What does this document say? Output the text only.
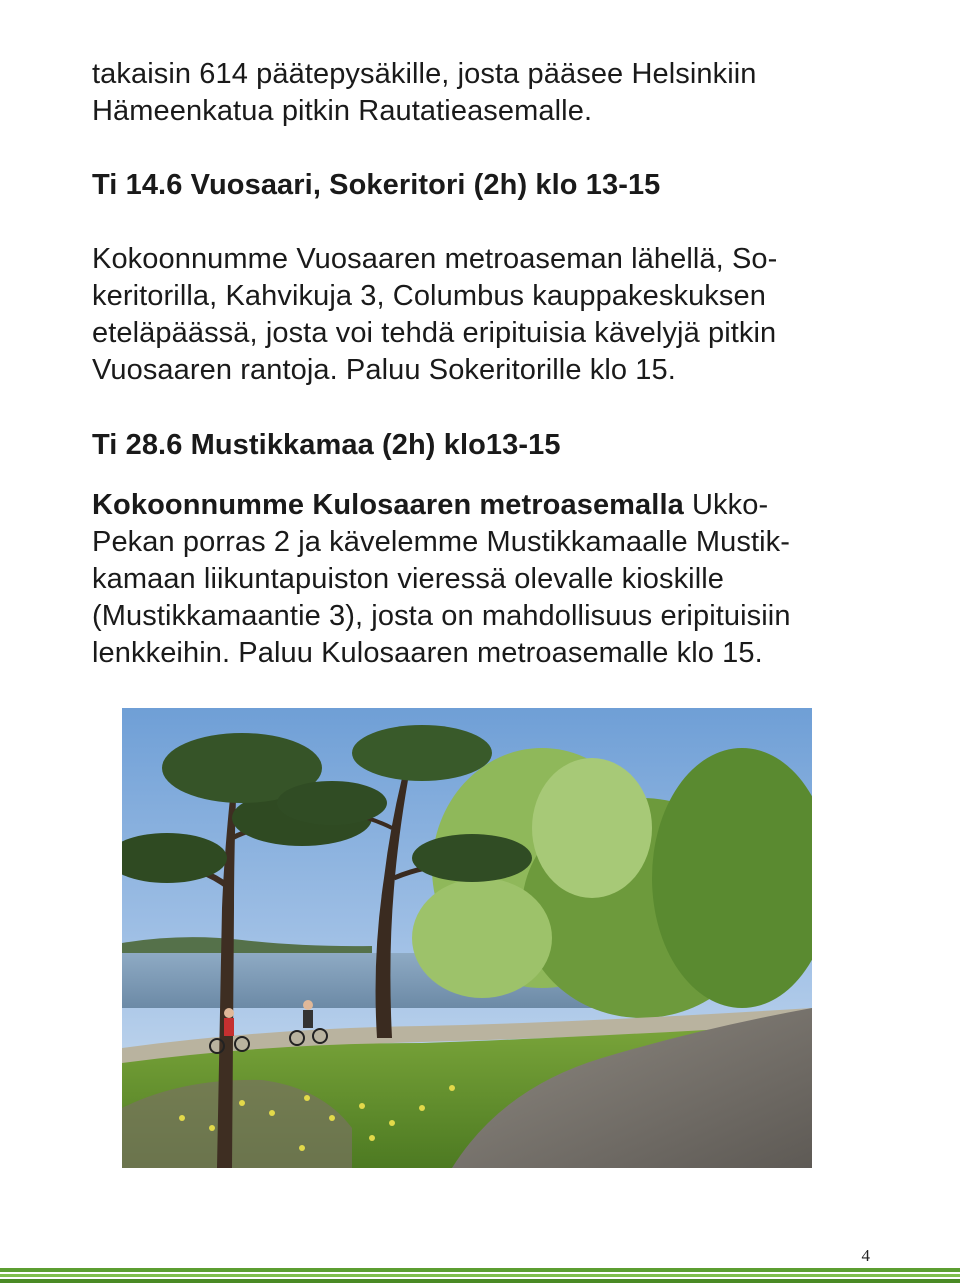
takaisin 614 päätepysäkille, josta pääsee Helsinkiin

Hämeenkatua pitkin Rautatieasemalle.

Ti 14.6 Vuosaari, Sokeritori (2h) klo 13-15

Kokoonnumme Vuosaaren metroaseman lähellä, So-

keritorilla, Kahvikuja 3, Columbus kauppakeskuksen

eteläpäässä, josta voi tehdä eripituisia kävelyjä pitkin

Vuosaaren rantoja. Paluu Sokeritorille klo 15.

Ti 28.6 Mustikkamaa (2h) klo13-15

Kokoonnumme Kulosaaren metroasemalla Ukko-

Pekan porras 2 ja kävelemme Mustikkamaalle Mustik-

kamaan liikuntapuiston vieressä olevalle kioskille

(Mustikkamaantie 3), josta on mahdollisuus eripituisiin

lenkkeihin. Paluu Kulosaaren metroasemalle klo 15.

4
